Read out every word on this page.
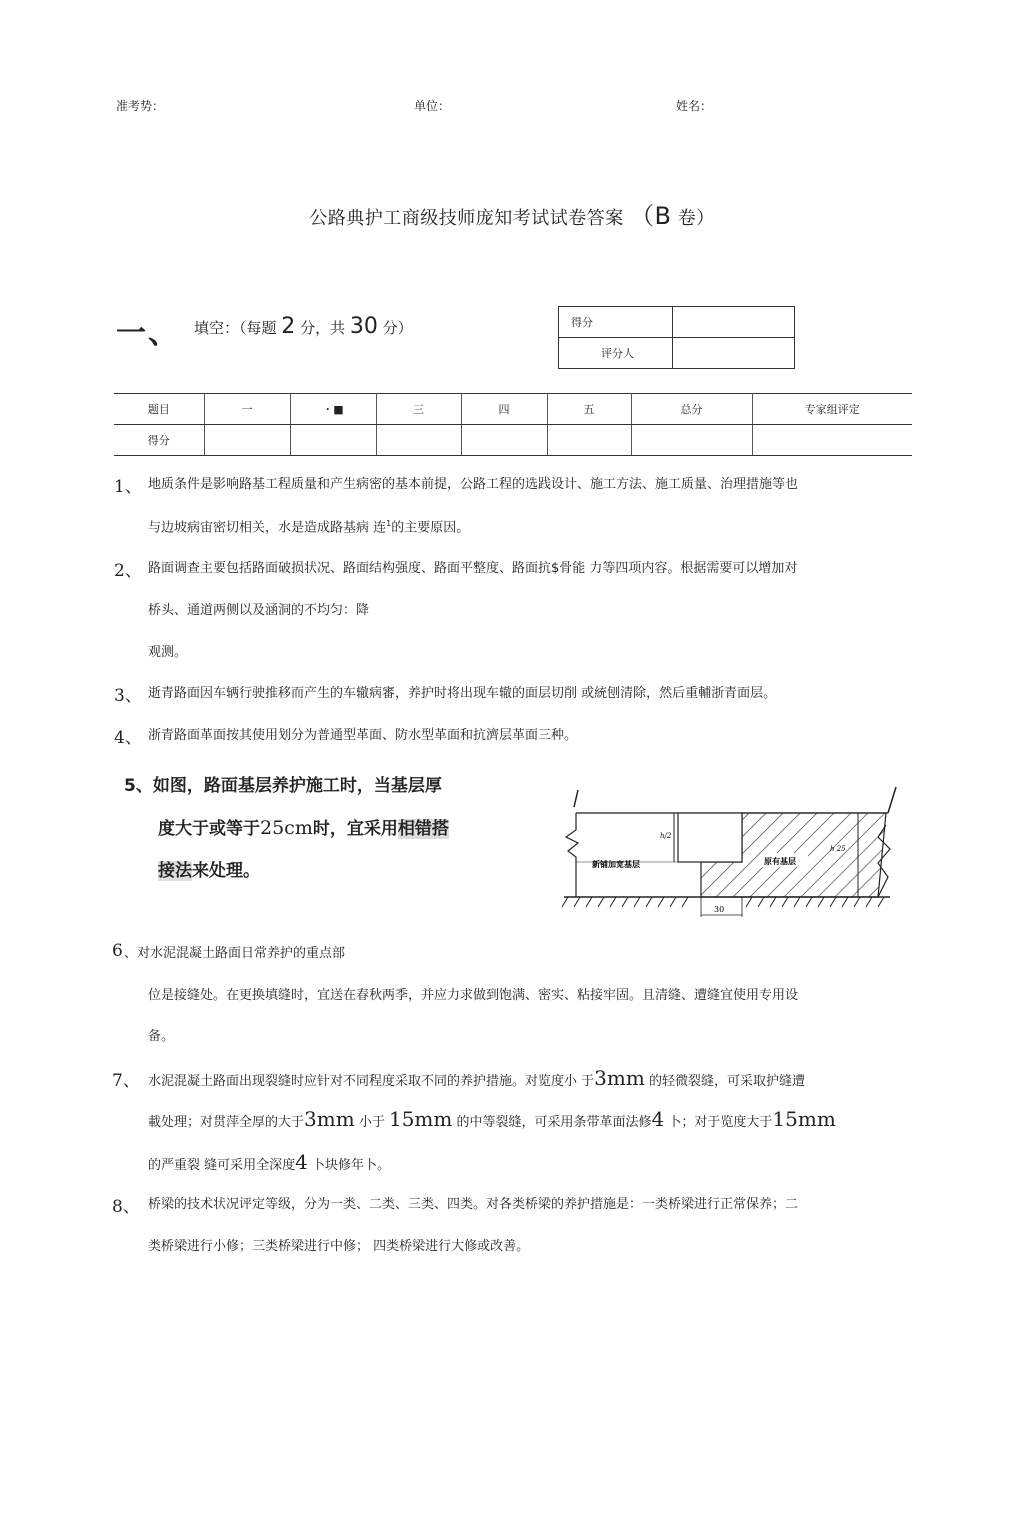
准考势：	单位：	姓名：
公路典护工商级技师庞知考试试卷答案 （B 卷）
一、 填空：（每题 2 分，共 30 分）	得分	
评分人	
题目	一	・■	三	四	五	总分	专家组评定
得分							
1、 地质条件是影响路基工程质量和产生病密的基本前提，公路工程的选践设计、施工方法、施工质量、治理措施等也
与边坡病宙密切相关，水是造成路基病 连$^1$的主要原因。
2、 路面调查主要包括路面破损状况、路面结构强度、路面平整度、路面抗$骨能 力等四项内容。根据需要可以增加对
桥头、通道两侧以及涵洞的不均匀：降
观测。
3、 逝青路面因车辆行驶推移而产生的车辙病審，养护时将出现车辙的面层切削 或統刨清除，然后重輔浙青面层。
4、 浙青路面革面按其使用划分为普通型革面、防水型革面和抗濟层革面三种。
5、如图，路面基层养护施工时，当基层厚
度大于或等于25cm时，宜采用相错搭
接法来处理。
h/2
h 25
新铺加宽基层	原有基层
30
6 、对水泥混凝土路面日常养护的重点部
位是接缝处。在更换填缝时，宜送在春秋两季，并应力求做到饱满、密实、粘接牢固。且清缝、遭缝宜使用专用设
备。
7、 水泥混凝土路面出现裂缝时应针对不同程度采取不同的养护措施。对览度小 于3mm 的轻微裂缝，可采取护缝遭
載处理；对贯萍全厚的大于3mm 小于 15mm 的中等裂缝，可采用条带革面法修4 卜；对于览度大于15mm
的严重裂 缝可采用全深度4 卜块修年卜。
8、 桥梁的技术状况评定等级，分为一类、二类、三类、四类。对各类桥梁的养护措施是：一类桥梁进行正常保养；二
类桥梁进行小修；三类桥梁进行中修； 四类桥梁进行大修或改善。
